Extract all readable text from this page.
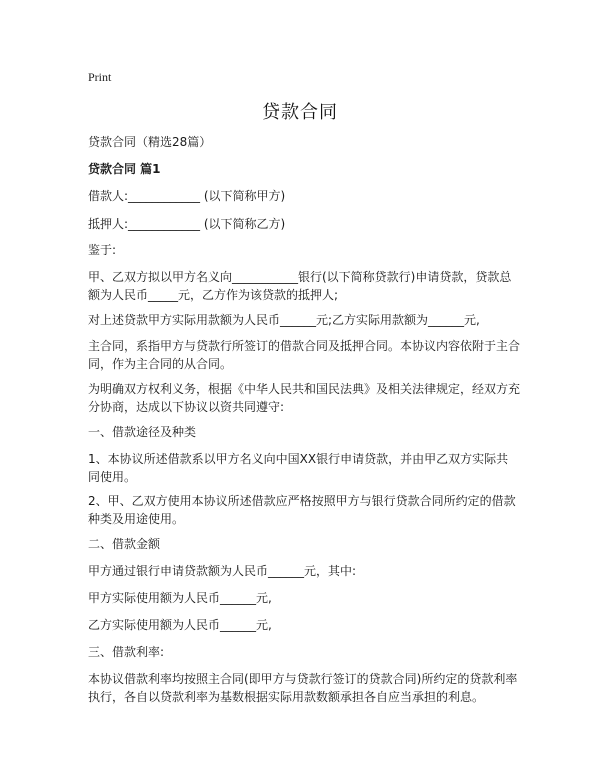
Print
贷款合同
贷款合同（精选28篇）
贷款合同 篇1
借款人:____________ (以下简称甲方)
抵押人:____________ (以下简称乙方)
鉴于:
甲、乙双方拟以甲方名义向___________银行(以下简称贷款行)申请贷款，贷款总额为人民币_____元，乙方作为该贷款的抵押人;
对上述贷款甲方实际用款额为人民币______元;乙方实际用款额为______元,
主合同，系指甲方与贷款行所签订的借款合同及抵押合同。本协议内容依附于主合同，作为主合同的从合同。
为明确双方权利义务，根据《中华人民共和国民法典》及相关法律规定，经双方充分协商，达成以下协议以资共同遵守:
一、借款途径及种类
1、本协议所述借款系以甲方名义向中国XX银行申请贷款，并由甲乙双方实际共同使用。
2、甲、乙双方使用本协议所述借款应严格按照甲方与银行贷款合同所约定的借款种类及用途使用。
二、借款金额
甲方通过银行申请贷款额为人民币______元，其中:
甲方实际使用额为人民币______元,
乙方实际使用额为人民币______元,
三、借款利率:
本协议借款利率均按照主合同(即甲方与贷款行签订的贷款合同)所约定的贷款利率执行，各自以贷款利率为基数根据实际用款数额承担各自应当承担的利息。
